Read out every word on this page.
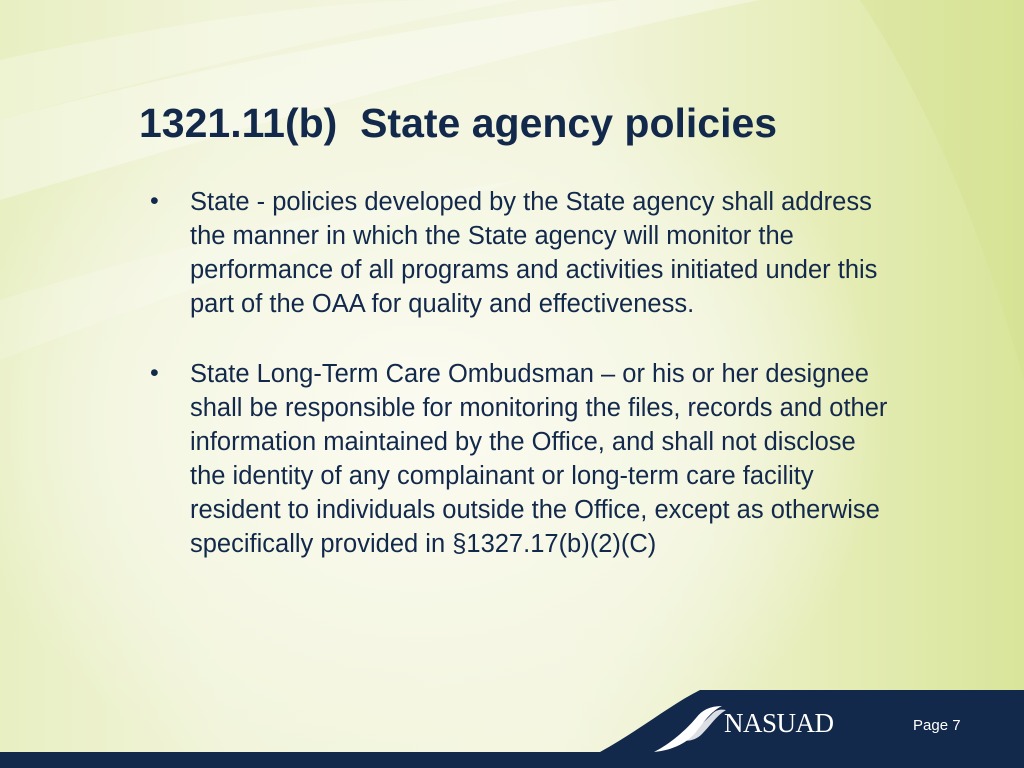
1321.11(b)  State agency policies
• State - policies developed by the State agency shall address the manner in which the State agency will monitor the performance of all programs and activities initiated under this part of the OAA for quality and effectiveness.
• State Long-Term Care Ombudsman – or his or her designee shall be responsible for monitoring the files, records and other information maintained by the Office, and shall not disclose the identity of any complainant or long-term care facility resident to individuals outside the Office, except as otherwise specifically provided in §1327.17(b)(2)(C)
NASUAD	Page 7
